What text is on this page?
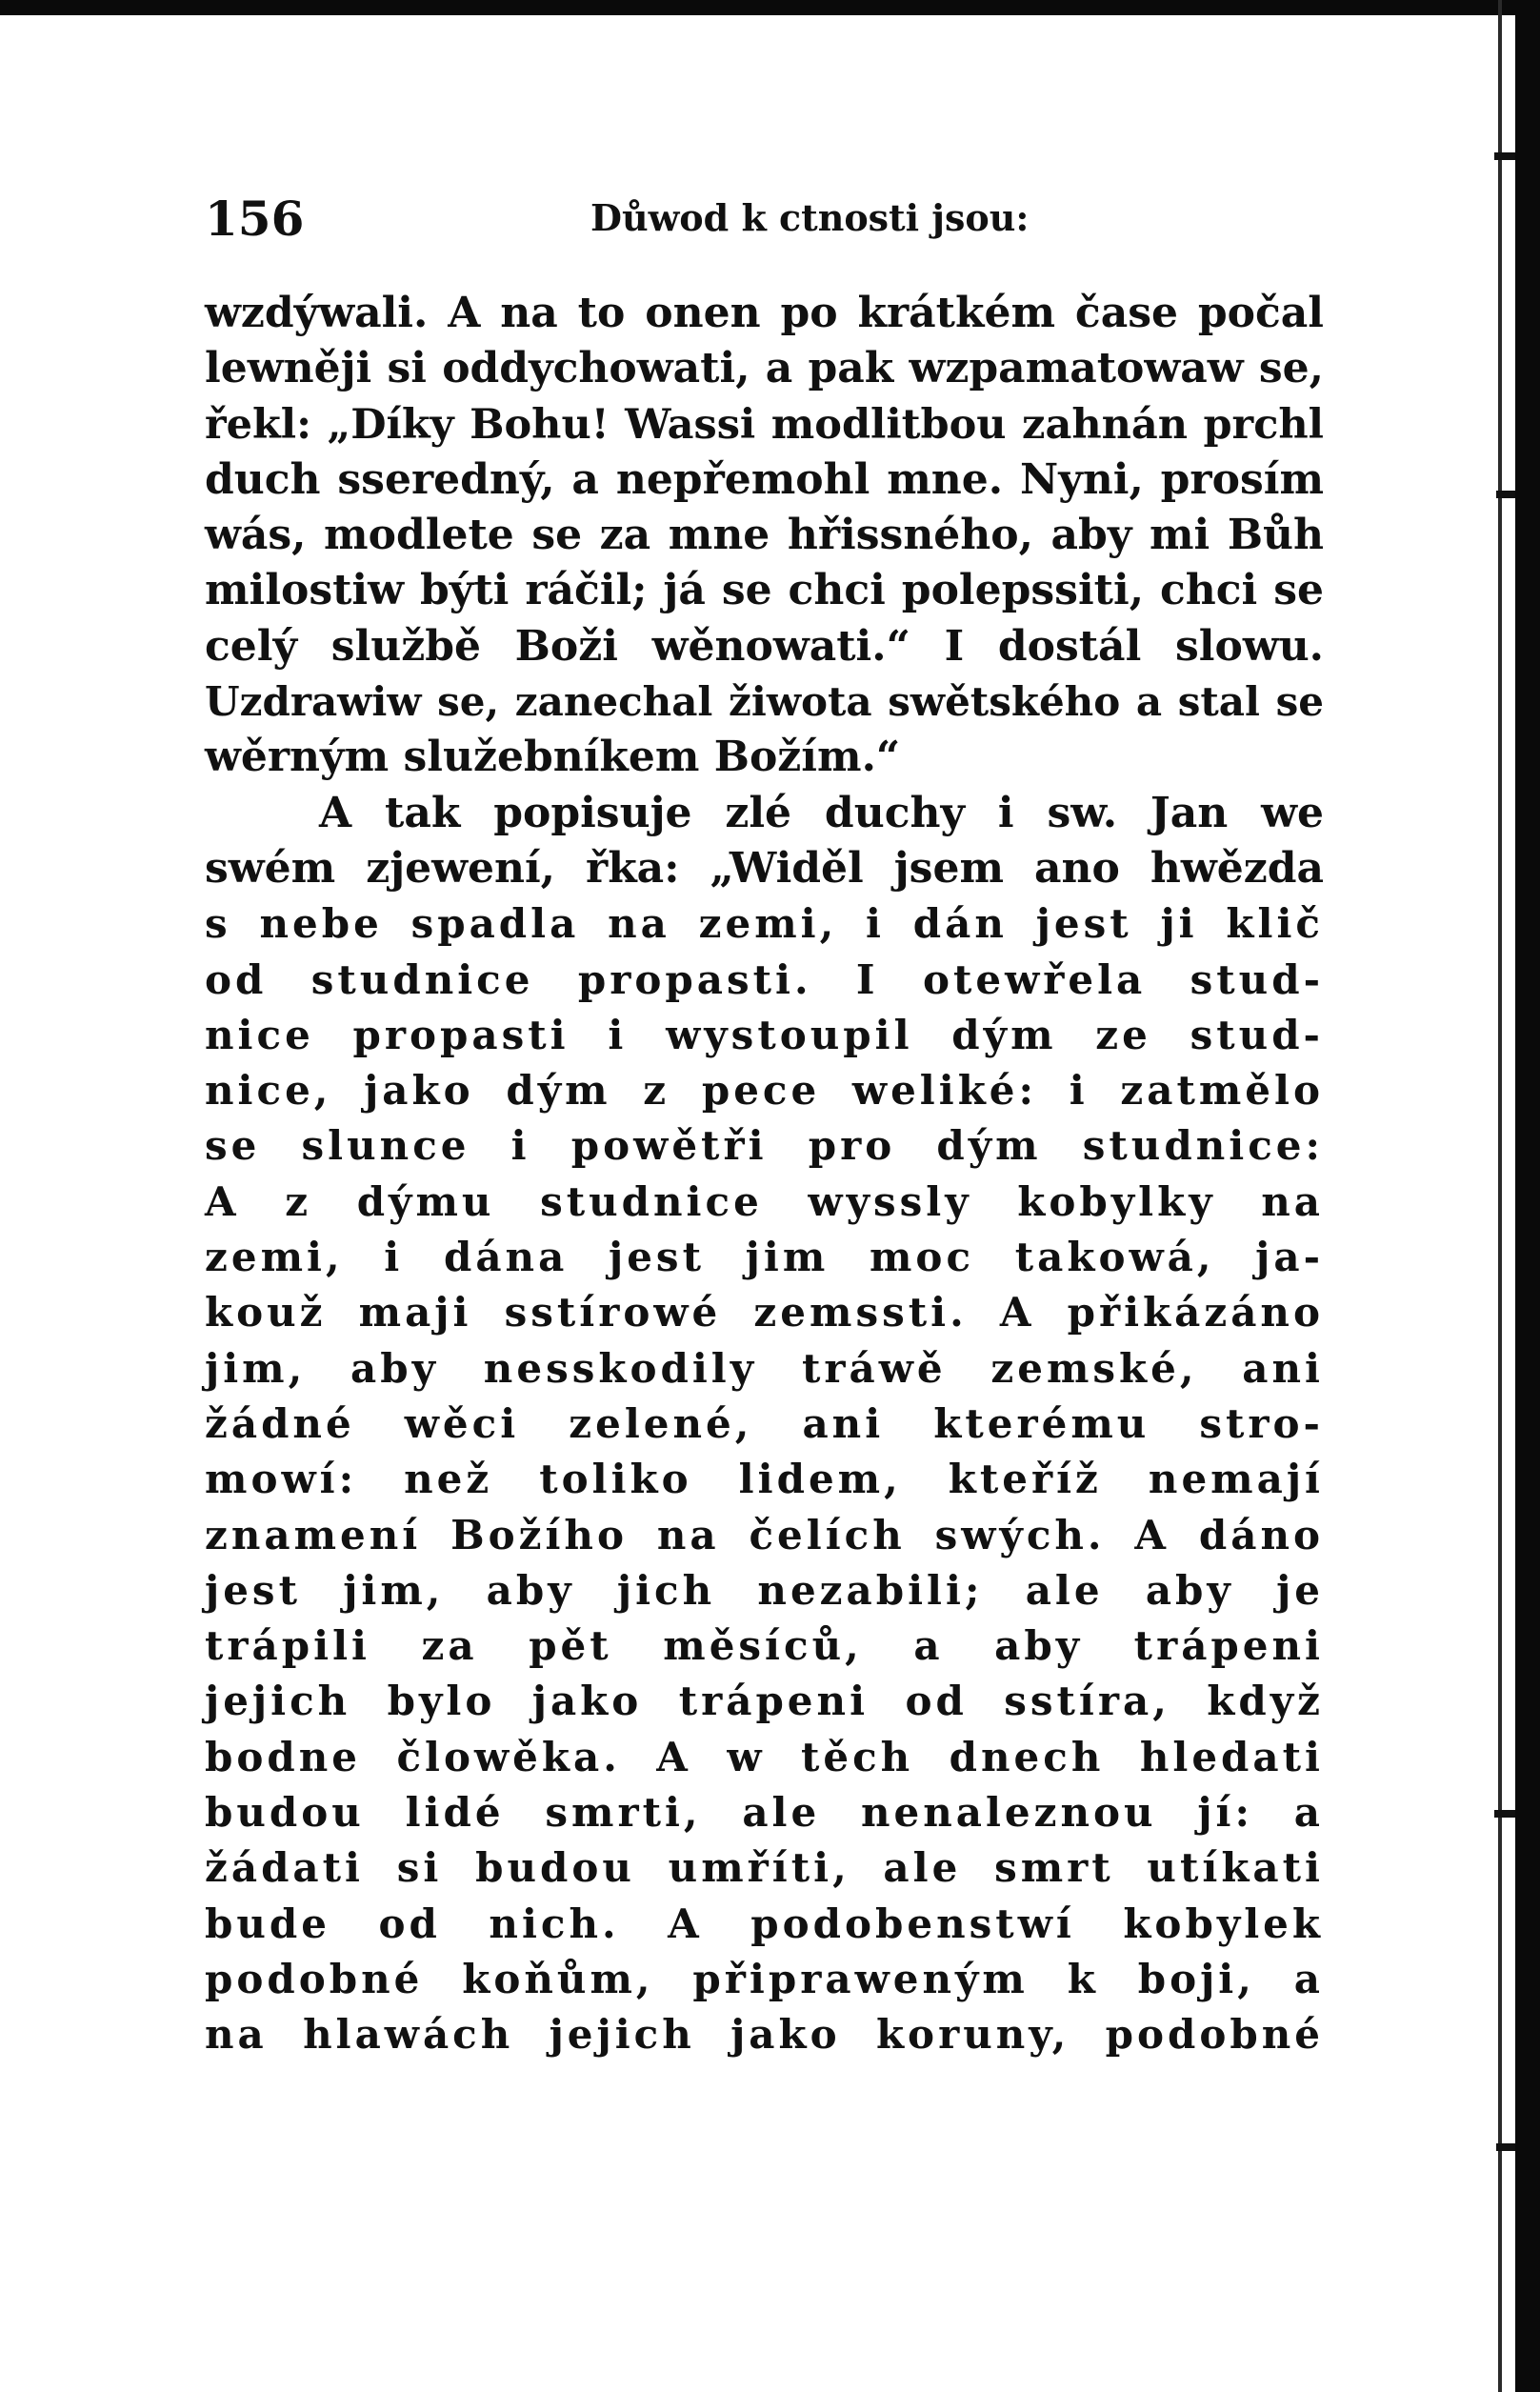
156	Důwod k ctnosti jsou:
wzdýwali. A na to onen po krátkém čase počal
lewněji si oddychowati, a pak wzpamatowaw se,
řekl: „Díky Bohu! Wassi modlitbou zahnán prchl
duch sseredný, a nepřemohl mne. Nyni, prosím
wás, modlete se za mne hřissného, aby mi Bůh
milostiw býti ráčil; já se chci polepssiti, chci se
celý službě Boži wěnowati.“ I dostál slowu.
Uzdrawiw se, zanechal žiwota swětského a stal se
wěrným služebníkem Božím.“
A tak popisuje zlé duchy i sw. Jan we
swém zjewení, řka: „Widěl jsem ano hwězda
s nebe spadla na zemi, i dán jest ji klič
od studnice propasti. I otewřela stud-
nice propasti i wystoupil dým ze stud-
nice, jako dým z pece weliké: i zatmělo
se slunce i powětři pro dým studnice:
A z dýmu studnice wyssly kobylky na
zemi, i dána jest jim moc takowá, ja-
kouž maji sstírowé zemssti. A přikázáno
jim, aby nesskodily tráwě zemské, ani
žádné wěci zelené, ani kterému stro-
mowí: než toliko lidem, kteříž nemají
znamení Božího na čelích swých. A dáno
jest jim, aby jich nezabili; ale aby je
trápili za pět měsíců, a aby trápeni
jejich bylo jako trápeni od sstíra, když
bodne člowěka. A w těch dnech hledati
budou lidé smrti, ale nenaleznou jí: a
žádati si budou umříti, ale smrt utíkati
bude od nich. A podobenstwí kobylek
podobné koňům, připraweným k boji, a
na hlawách jejich jako koruny, podobné
